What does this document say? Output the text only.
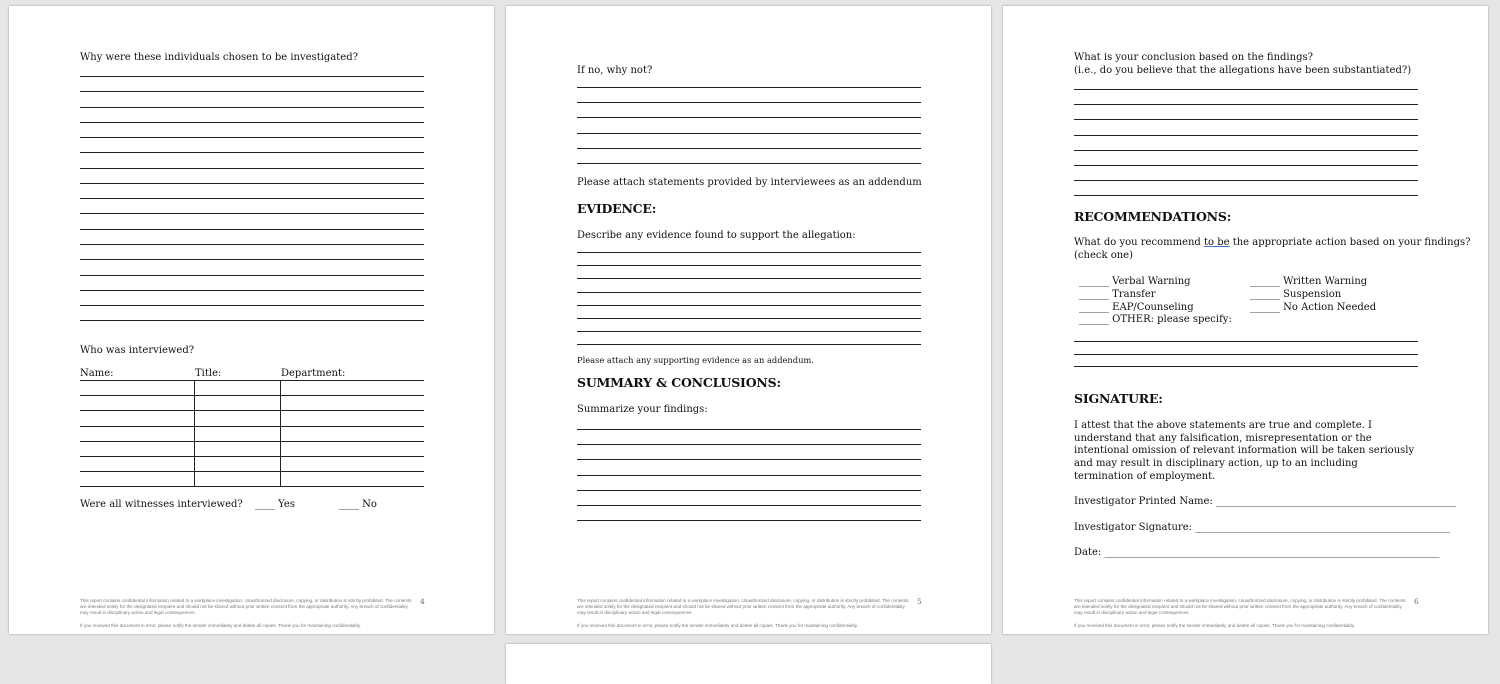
Why were these individuals chosen to be investigated?
Who was interviewed?
Name:	Title:	Department:
Were all witnesses interviewed? ____ Yes	____ No
This report contains confidential information related to a workplace investigation. Unauthorized disclosure, copying, or distribution is strictly prohibited. The contents are intended solely for the designated recipient and should not be shared without prior written consent from the appropriate authority. Any breach of confidentiality may result in disciplinary action and legal consequences.
If you received this document in error, please notify the sender immediately and delete all copies. Thank you for maintaining confidentiality.
4
If no, why not?
Please attach statements provided by interviewees as an addendum
EVIDENCE:
Describe any evidence found to support the allegation:
Please attach any supporting evidence as an addendum.
SUMMARY & CONCLUSIONS:
Summarize your findings:
This report contains confidential information related to a workplace investigation. Unauthorized disclosure, copying, or distribution is strictly prohibited. The contents are intended solely for the designated recipient and should not be shared without prior written consent from the appropriate authority. Any breach of confidentiality may result in disciplinary action and legal consequences.
If you received this document in error, please notify the sender immediately and delete all copies. Thank you for maintaining confidentiality.
5
What is your conclusion based on the findings?
(i.e., do you believe that the allegations have been substantiated?)
RECOMMENDATIONS:
What do you recommend to be the appropriate action based on your findings?
(check one)
______ Verbal Warning
______ Transfer
______ EAP/Counseling
______ OTHER: please specify:
______ Written Warning
______ Suspension
______ No Action Needed
SIGNATURE:
I attest that the above statements are true and complete. I understand that any falsification, misrepresentation or the intentional omission of relevant information will be taken seriously and may result in disciplinary action, up to an including termination of employment.
Investigator Printed Name: ________________________________________________
Investigator Signature: ___________________________________________________
Date: ___________________________________________________________________
This report contains confidential information related to a workplace investigation. Unauthorized disclosure, copying, or distribution is strictly prohibited. The contents are intended solely for the designated recipient and should not be shared without prior written consent from the appropriate authority. Any breach of confidentiality may result in disciplinary action and legal consequences.
If you received this document in error, please notify the sender immediately and delete all copies. Thank you for maintaining confidentiality.
6
